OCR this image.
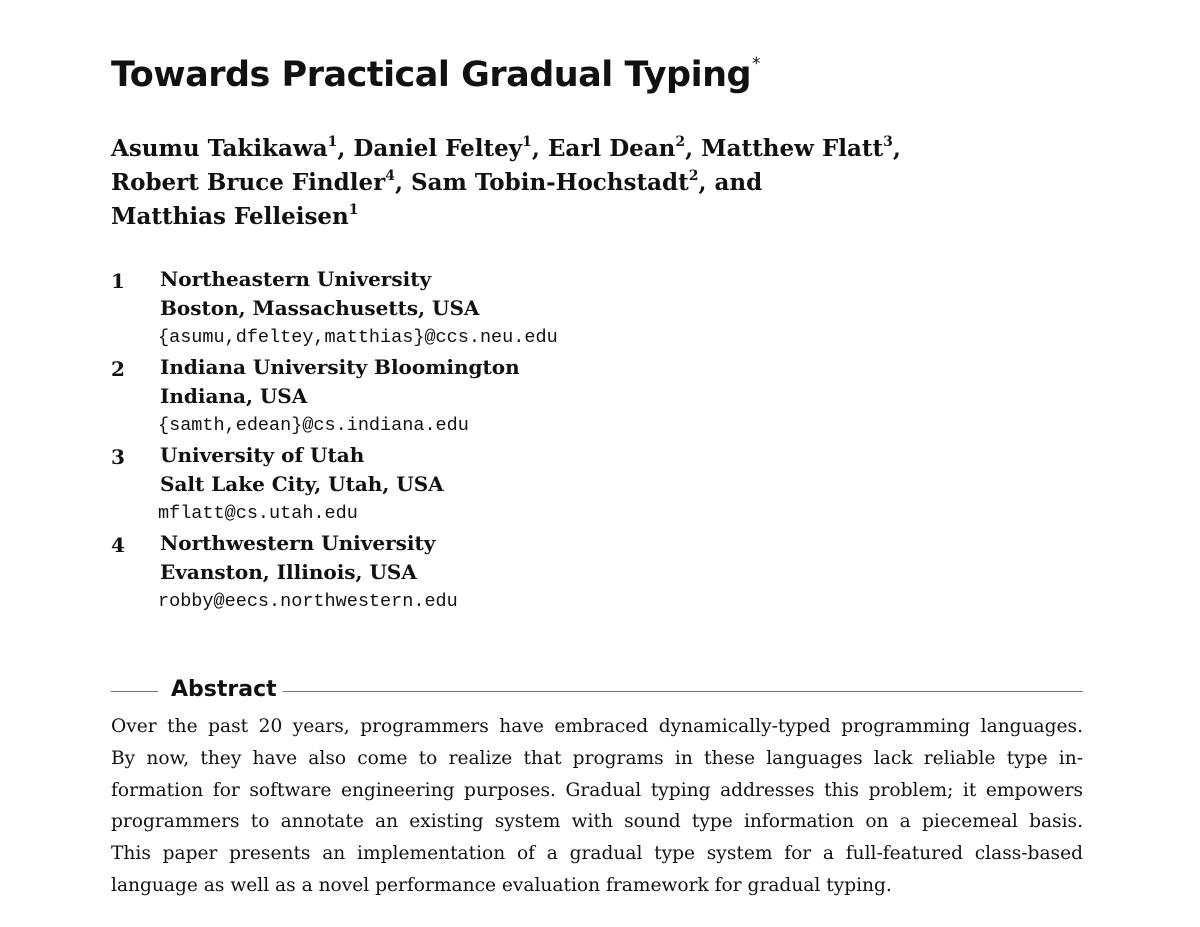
Towards Practical Gradual Typing*
Asumu Takikawa$^1$, Daniel Feltey$^1$, Earl Dean$^2$, Matthew Flatt$^3$,
Robert Bruce Findler$^4$, Sam Tobin-Hochstadt$^2$, and
Matthias Felleisen$^1$
1 Northeastern University
Boston, Massachusetts, USA
{asumu,dfeltey,matthias}@ccs.neu.edu
2 Indiana University Bloomington
Indiana, USA
{samth,edean}@cs.indiana.edu
3 University of Utah
Salt Lake City, Utah, USA
mflatt@cs.utah.edu
4 Northwestern University
Evanston, Illinois, USA
robby@eecs.northwestern.edu
Abstract
Over the past 20 years, programmers have embraced dynamically-typed programming languages.
By now, they have also come to realize that programs in these languages lack reliable type in-
formation for software engineering purposes. Gradual typing addresses this problem; it empowers
programmers to annotate an existing system with sound type information on a piecemeal basis.
This paper presents an implementation of a gradual type system for a full-featured class-based
language as well as a novel performance evaluation framework for gradual typing.
